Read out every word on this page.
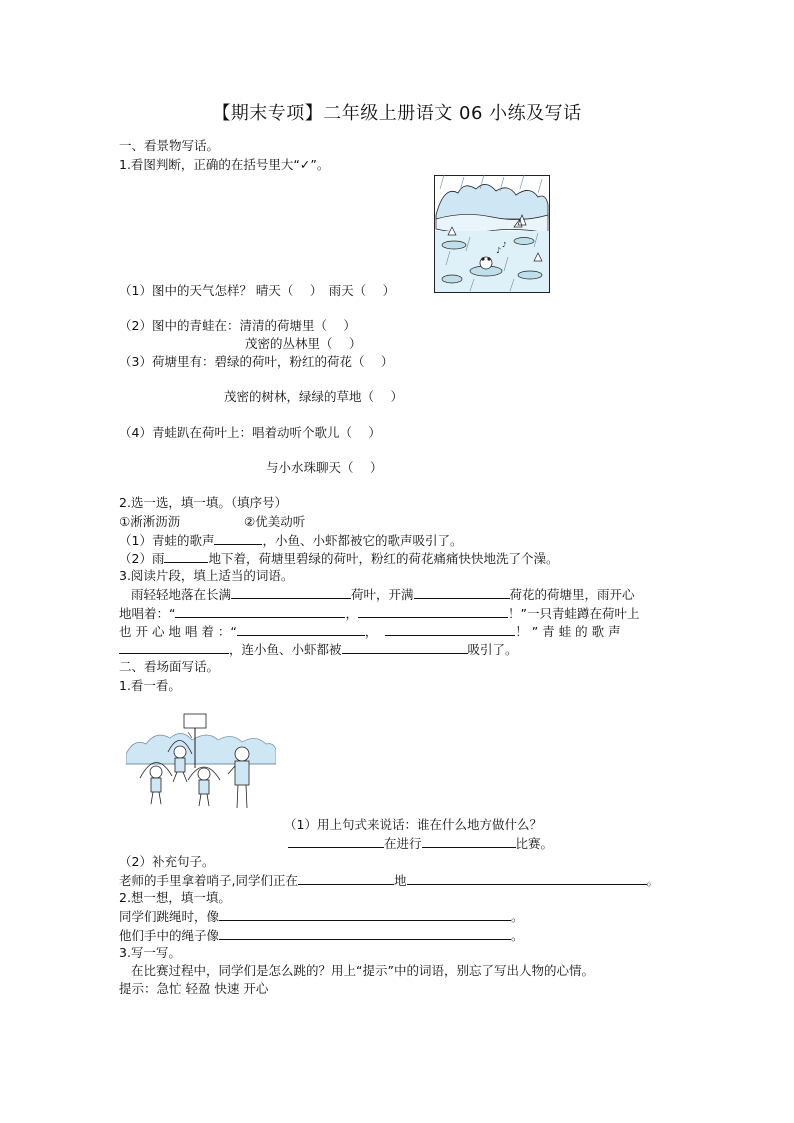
【期末专项】二年级上册语文 06 小练及写话
一、看景物写话。
1.看图判断，正确的在括号里大“✓”。
♪
♪
（1）图中的天气怎样？ 晴天（　 ）　雨天（　 ）
（2）图中的青蛙在：清清的荷塘里（　 ）
茂密的丛林里（　 ）
（3）荷塘里有：碧绿的荷叶，粉红的荷花（　 ）
茂密的树林，绿绿的草地（　 ）
（4）青蛙趴在荷叶上：唱着动听个歌儿（　 ）
与小水珠聊天（　 ）
2.选一选，填一填。（填序号）
①淅淅沥沥	②优美动听
（1）青蛙的歌声	，小鱼、小虾都被它的歌声吸引了。
（2）雨	地下着，荷塘里碧绿的荷叶，粉红的荷花痛痛快快地洗了个澡。
3.阅读片段，填上适当的词语。
雨轻轻地落在长满	荷叶，开满	荷花的荷塘里，雨开心
地唱着：“	，	！”一只青蛙蹲在荷叶上
也 开 心 地 唱 着 ：“	，	！ ” 青 蛙 的 歌 声
，连小鱼、小虾都被	吸引了。
二、看场面写话。
1.看一看。
（1）用上句式来说话：谁在什么地方做什么？
在进行	比赛。
（2）补充句子。
老师的手里拿着哨子,同学们正在	地	。
2.想一想，填一填。
同学们跳绳时，像	。
他们手中的绳子像	。
3.写一写。
在比赛过程中，同学们是怎么跳的？用上“提示”中的词语，别忘了写出人物的心情。
提示：急忙 轻盈 快速 开心
